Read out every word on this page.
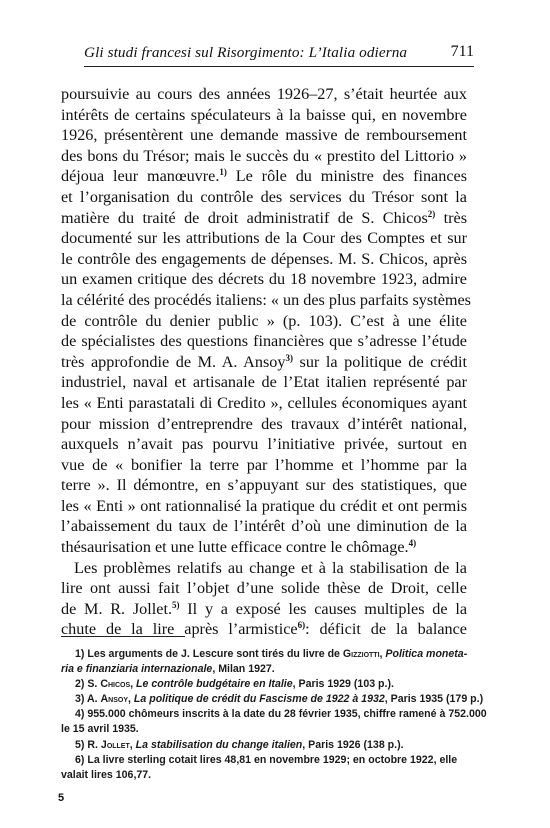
Gli studi francesi sul Risorgimento: L’Italia odierna	711
poursuivie au cours des années 1926–27, s’était heurtée aux
intérêts de certains spéculateurs à la baisse qui, en novembre
1926, présentèrent une demande massive de remboursement
des bons du Trésor; mais le succès du « prestito del Littorio »
déjoua leur manœuvre.$^{1)}$ Le rôle du ministre des finances
et l’organisation du contrôle des services du Trésor sont la
matière du traité de droit administratif de S. Chicos$^{2)}$ très
documenté sur les attributions de la Cour des Comptes et sur
le contrôle des engagements de dépenses. M. S. Chicos, après
un examen critique des décrets du 18 novembre 1923, admire
la célérité des procédés italiens: « un des plus parfaits systèmes
de contrôle du denier public » (p. 103). C’est à une élite
de spécialistes des questions financières que s’adresse l’étude
très approfondie de M. A. Ansoy$^{3)}$ sur la politique de crédit
industriel, naval et artisanale de l’Etat italien représenté par
les « Enti parastatali di Credito », cellules économiques ayant
pour mission d’entreprendre des travaux d’intérêt national,
auxquels n’avait pas pourvu l’initiative privée, surtout en
vue de « bonifier la terre par l’homme et l’homme par la
terre ». Il démontre, en s’appuyant sur des statistiques, que
les « Enti » ont rationnalisé la pratique du crédit et ont permis
l’abaissement du taux de l’intérêt d’où une diminution de la
thésaurisation et une lutte efficace contre le chômage.$^{4)}$
Les problèmes relatifs au change et à la stabilisation de la
lire ont aussi fait l’objet d’une solide thèse de Droit, celle
de M. R. Jollet.$^{5)}$ Il y a exposé les causes multiples de la
chute de la lire après l’armistice$^{6)}$: déficit de la balance
1) Les arguments de J. Lescure sont tirés du livre de Gizziotti, Politica moneta-
ria e finanziaria internazionale, Milan 1927.
2) S. Chicos, Le contrôle budgétaire en Italie, Paris 1929 (103 p.).
3) A. Ansoy, La politique de crédit du Fascisme de 1922 à 1932, Paris 1935 (179 p.)
4) 955.000 chômeurs inscrits à la date du 28 février 1935, chiffre ramené à 752.000
le 15 avril 1935.
5) R. Jollet, La stabilisation du change italien, Paris 1926 (138 p.).
6) La livre sterling cotait lires 48,81 en novembre 1929; en octobre 1922, elle
valait lires 106,77.
5
